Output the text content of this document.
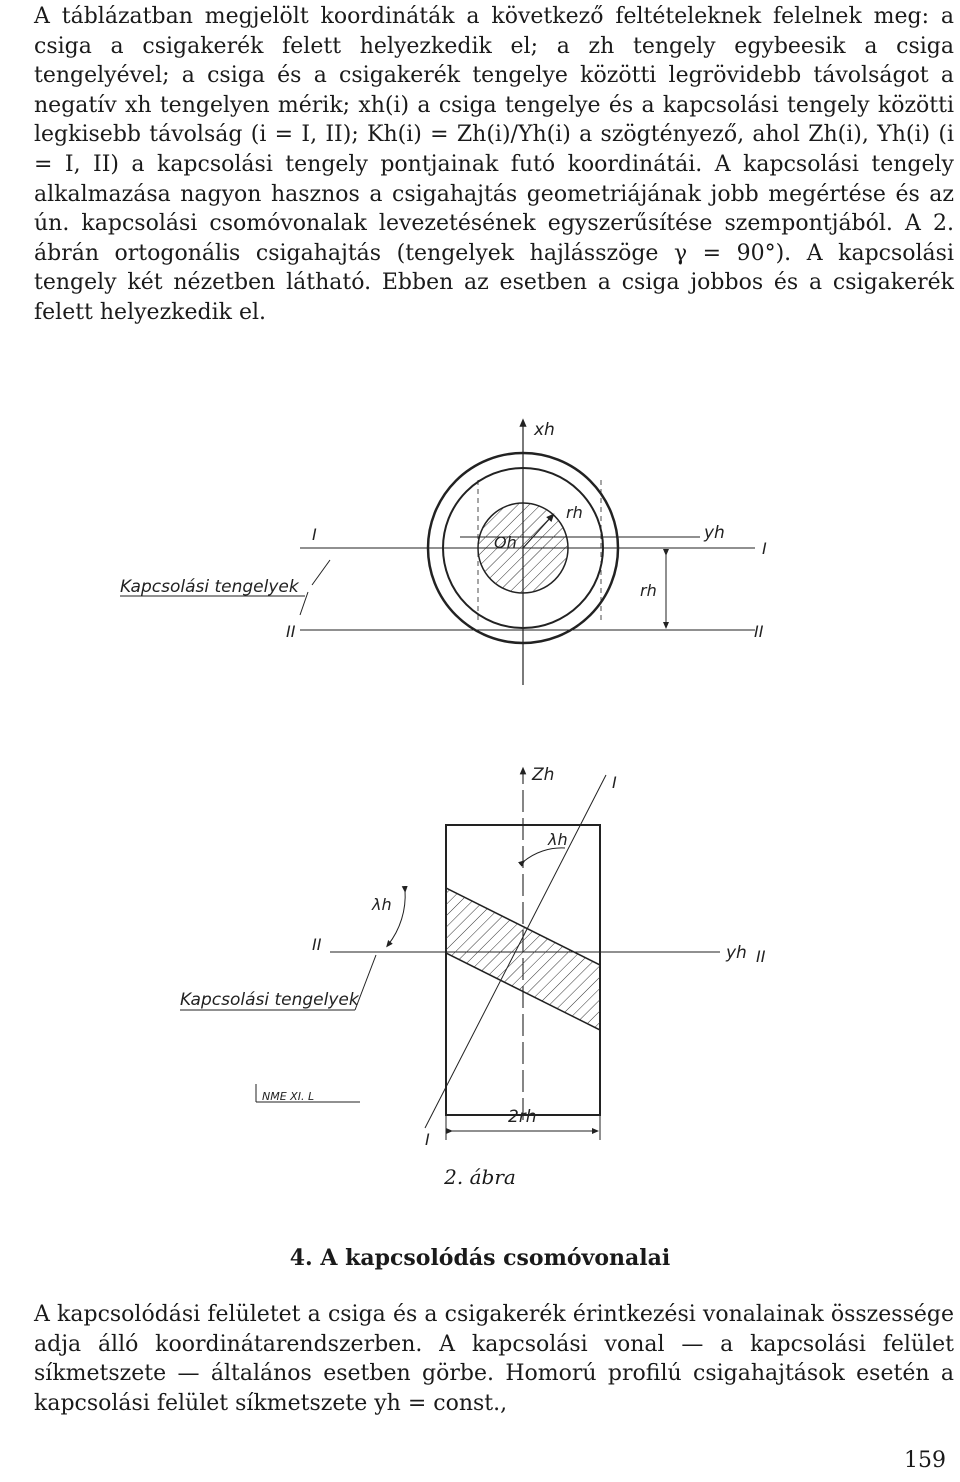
A táblázatban megjelölt koordináták a következő feltételeknek felelnek meg: a csiga a csigakerék felett helyezkedik el; a zh tengely egybeesik a csiga tengelyével; a csiga és a csigakerék tengelye közötti legrövidebb távolságot a negatív xh tengelyen mérik; xh(i) a csiga tengelye és a kapcsolási tengely közötti legkisebb távolság (i = I, II); Kh(i) = Zh(i)/Yh(i) a szögtényező, ahol Zh(i), Yh(i) (i = I, II) a kapcsolási tengely pontjainak futó koordinátái. A kapcsolási tengely alkalmazása nagyon hasznos a csigahajtás geometriájának jobb megértése és az ún. kapcsolási csomóvonalak levezetésének egyszerűsítése szempontjából. A 2. ábrán ortogonális csigahajtás (tengelyek hajlásszöge γ = 90°). A kapcsolási tengely két nézetben látható. Ebben az esetben a csiga jobbos és a csigakerék felett helyezkedik el.

xh
yh
rh
Oh
rh
I
I
II	II
Kapcsolási tengelyek
Zh
yh II
II
I
I
λh
λh
2rh
Kapcsolási tengelyek
NME XI. L
2. ábra
4. A kapcsolódás csomóvonalai

A kapcsolódási felületet a csiga és a csigakerék érintkezési vonalainak összessége adja álló koordinátarendszerben. A kapcsolási vonal — a kapcsolási felület síkmetszete — általános esetben görbe. Homorú profilú csigahajtások esetén a kapcsolási felület síkmetszete yh = const.,

159
